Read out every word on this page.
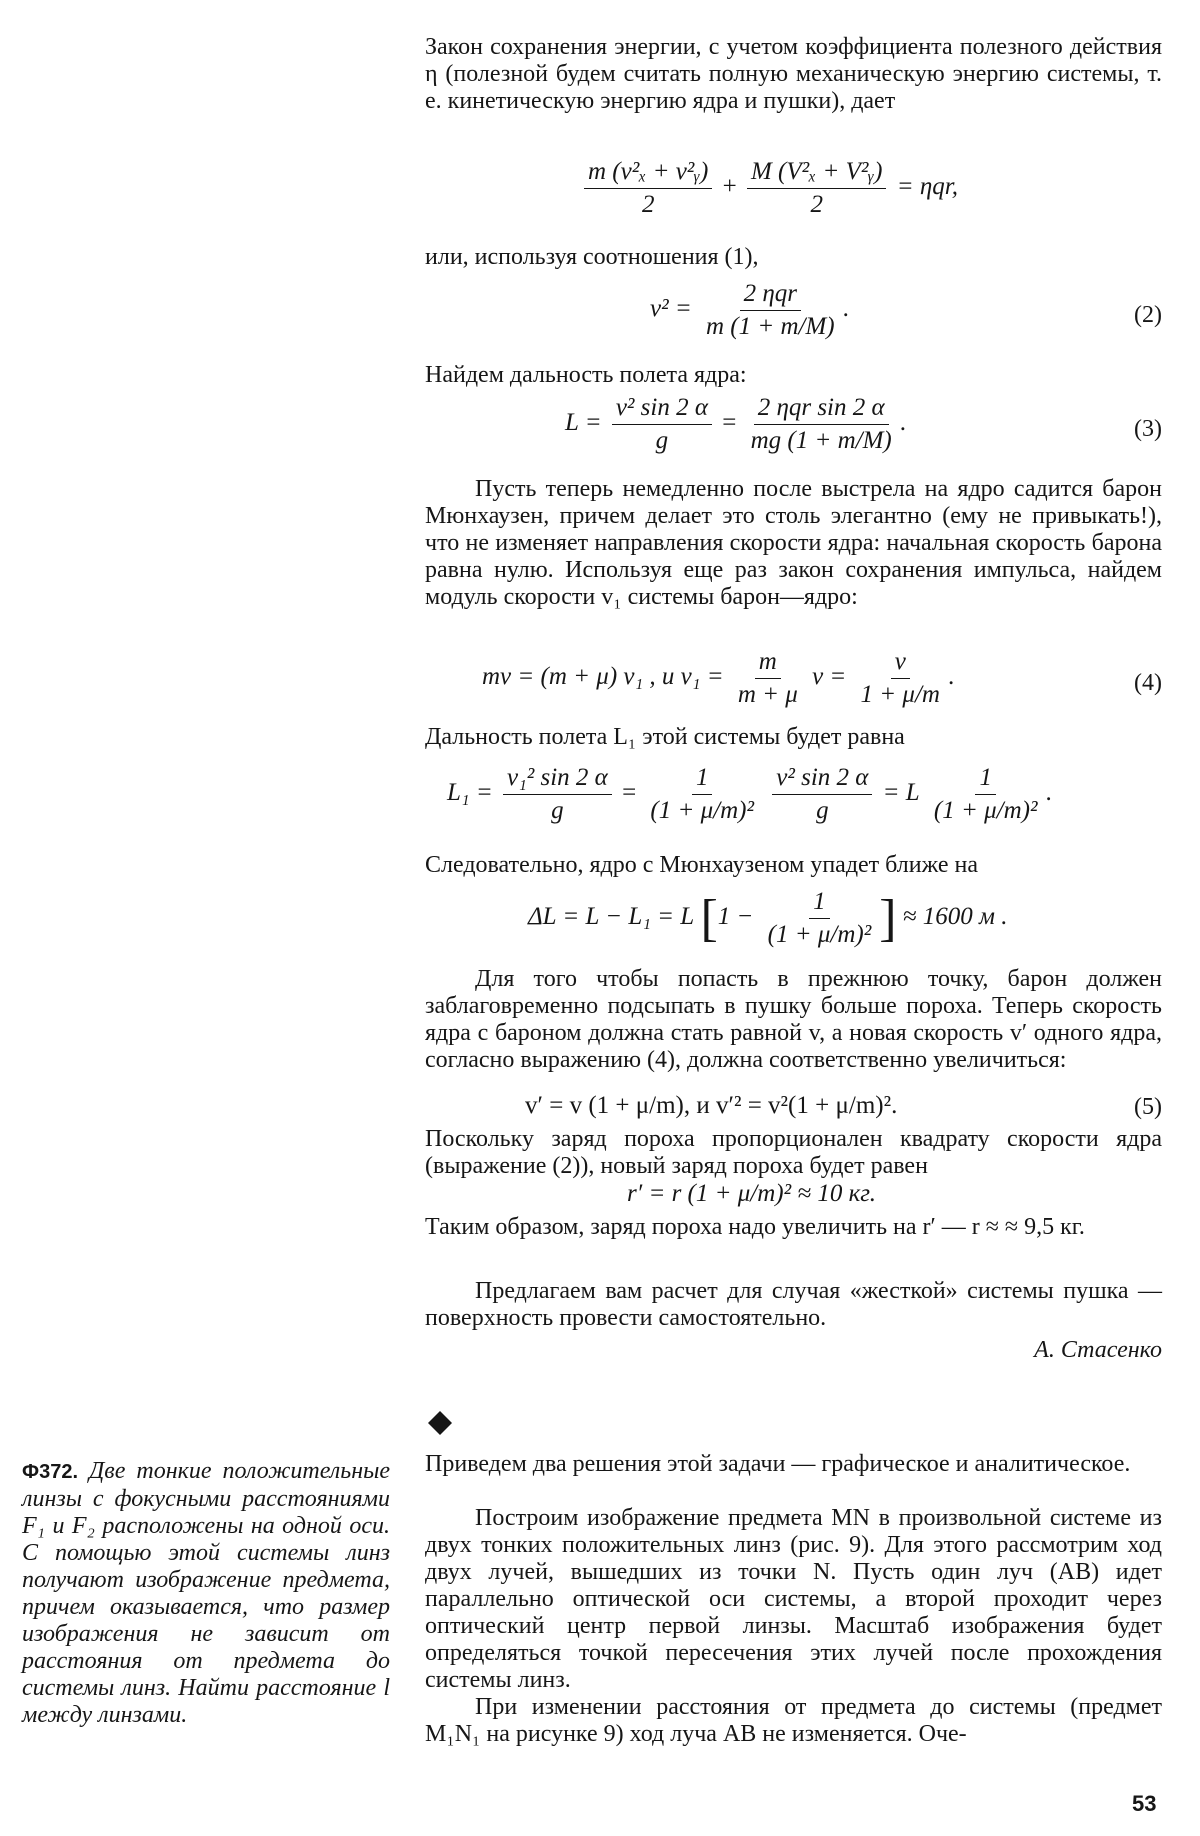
Закон сохранения энергии, с учетом коэффициента полезного действия η (полезной будем считать полную механическую энергию системы, т. е. кинетическую энергию ядра и пушки), дает

$\frac{\text{m (v²ₓ + v²ᵧ)}}{2} + \frac{\text{M (V²ₓ + V²ᵧ)}}{2} = \eta qr$,

или, используя соотношения (1),

$v^2 = \frac{\text{2 ηqr}}{m (1 + m/M)}$ .	(2)

Найдем дальность полета ядра:

$L = \frac{\text{v² sin 2 α}}{g} = \frac{\text{2 ηqr sin 2 α}}{mg (1 + m/M)}$ .	(3)

Пусть теперь немедленно после выстрела на ядро садится барон Мюнхаузен, причем делает это столь элегантно (ему не привыкать!), что не изменяет направления скорости ядра: начальная скорость барона равна нулю. Используя еще раз закон сохранения импульса, найдем модуль скорости v₁ системы барон—ядро:

mv = (m + μ) v₁ , и $v_1 = \frac{m}{m + \mu}$ $v = \frac{v}{1 + \mu/m}$ .	(4)

Дальность полета L₁ этой системы будет равна

$L_1 = \frac{\text{v₁² sin 2 α}}{g} = \frac{1}{\text{(1 + μ/m)²}}$
$\frac{\text{v² sin 2 α}}{g} = L \frac{1}{\text{(1 + μ/m)²}}$ .

Следовательно, ядро с Мюнхаузеном упадет ближе на

ΔL = L − L₁ = L [$1 - \frac{1}{\text{(1 + μ/m)²}}$ ] ≈ 1600 м .

Для того чтобы попасть в прежнюю точку, барон должен заблаговременно подсыпать в пушку больше пороха. Теперь скорость ядра с бароном должна стать равной v, а новая скорость v′ одного ядра, согласно выражению (4), должна соответственно увеличиться:

v′ = v (1 + μ/m), и v′² = v²(1 + μ/m)².	(5)

Поскольку заряд пороха пропорционален квадрату скорости ядра (выражение (2)), новый заряд пороха будет равен

r′ = r (1 + μ/m)² ≈ 10 кг.

Таким образом, заряд пороха надо увеличить на r′ — r ≈ ≈ 9,5 кг.

Предлагаем вам расчет для случая «жесткой» системы пушка — поверхность провести самостоятельно.

А. Стасенко
Ф372. Две тонкие положительные линзы с фокусными расстояниями F₁ и F₂ расположены на одной оси. С помощью этой системы линз получают изображение предмета, причем оказывается, что размер изображения не зависит от расстояния от предмета до системы линз. Найти расстояние l между линзами.

Приведем два решения этой задачи — графическое и аналитическое.

Построим изображение предмета MN в произвольной системе из двух тонких положительных линз (рис. 9). Для этого рассмотрим ход двух лучей, вышедших из точки N. Пусть один луч (AB) идет параллельно оптической оси системы, а второй проходит через оптический центр первой линзы. Масштаб изображения будет определяться точкой пересечения этих лучей после прохождения системы линз.

При изменении расстояния от предмета до системы (предмет M₁N₁ на рисунке 9) ход луча AB не изменяется. Оче-

53
